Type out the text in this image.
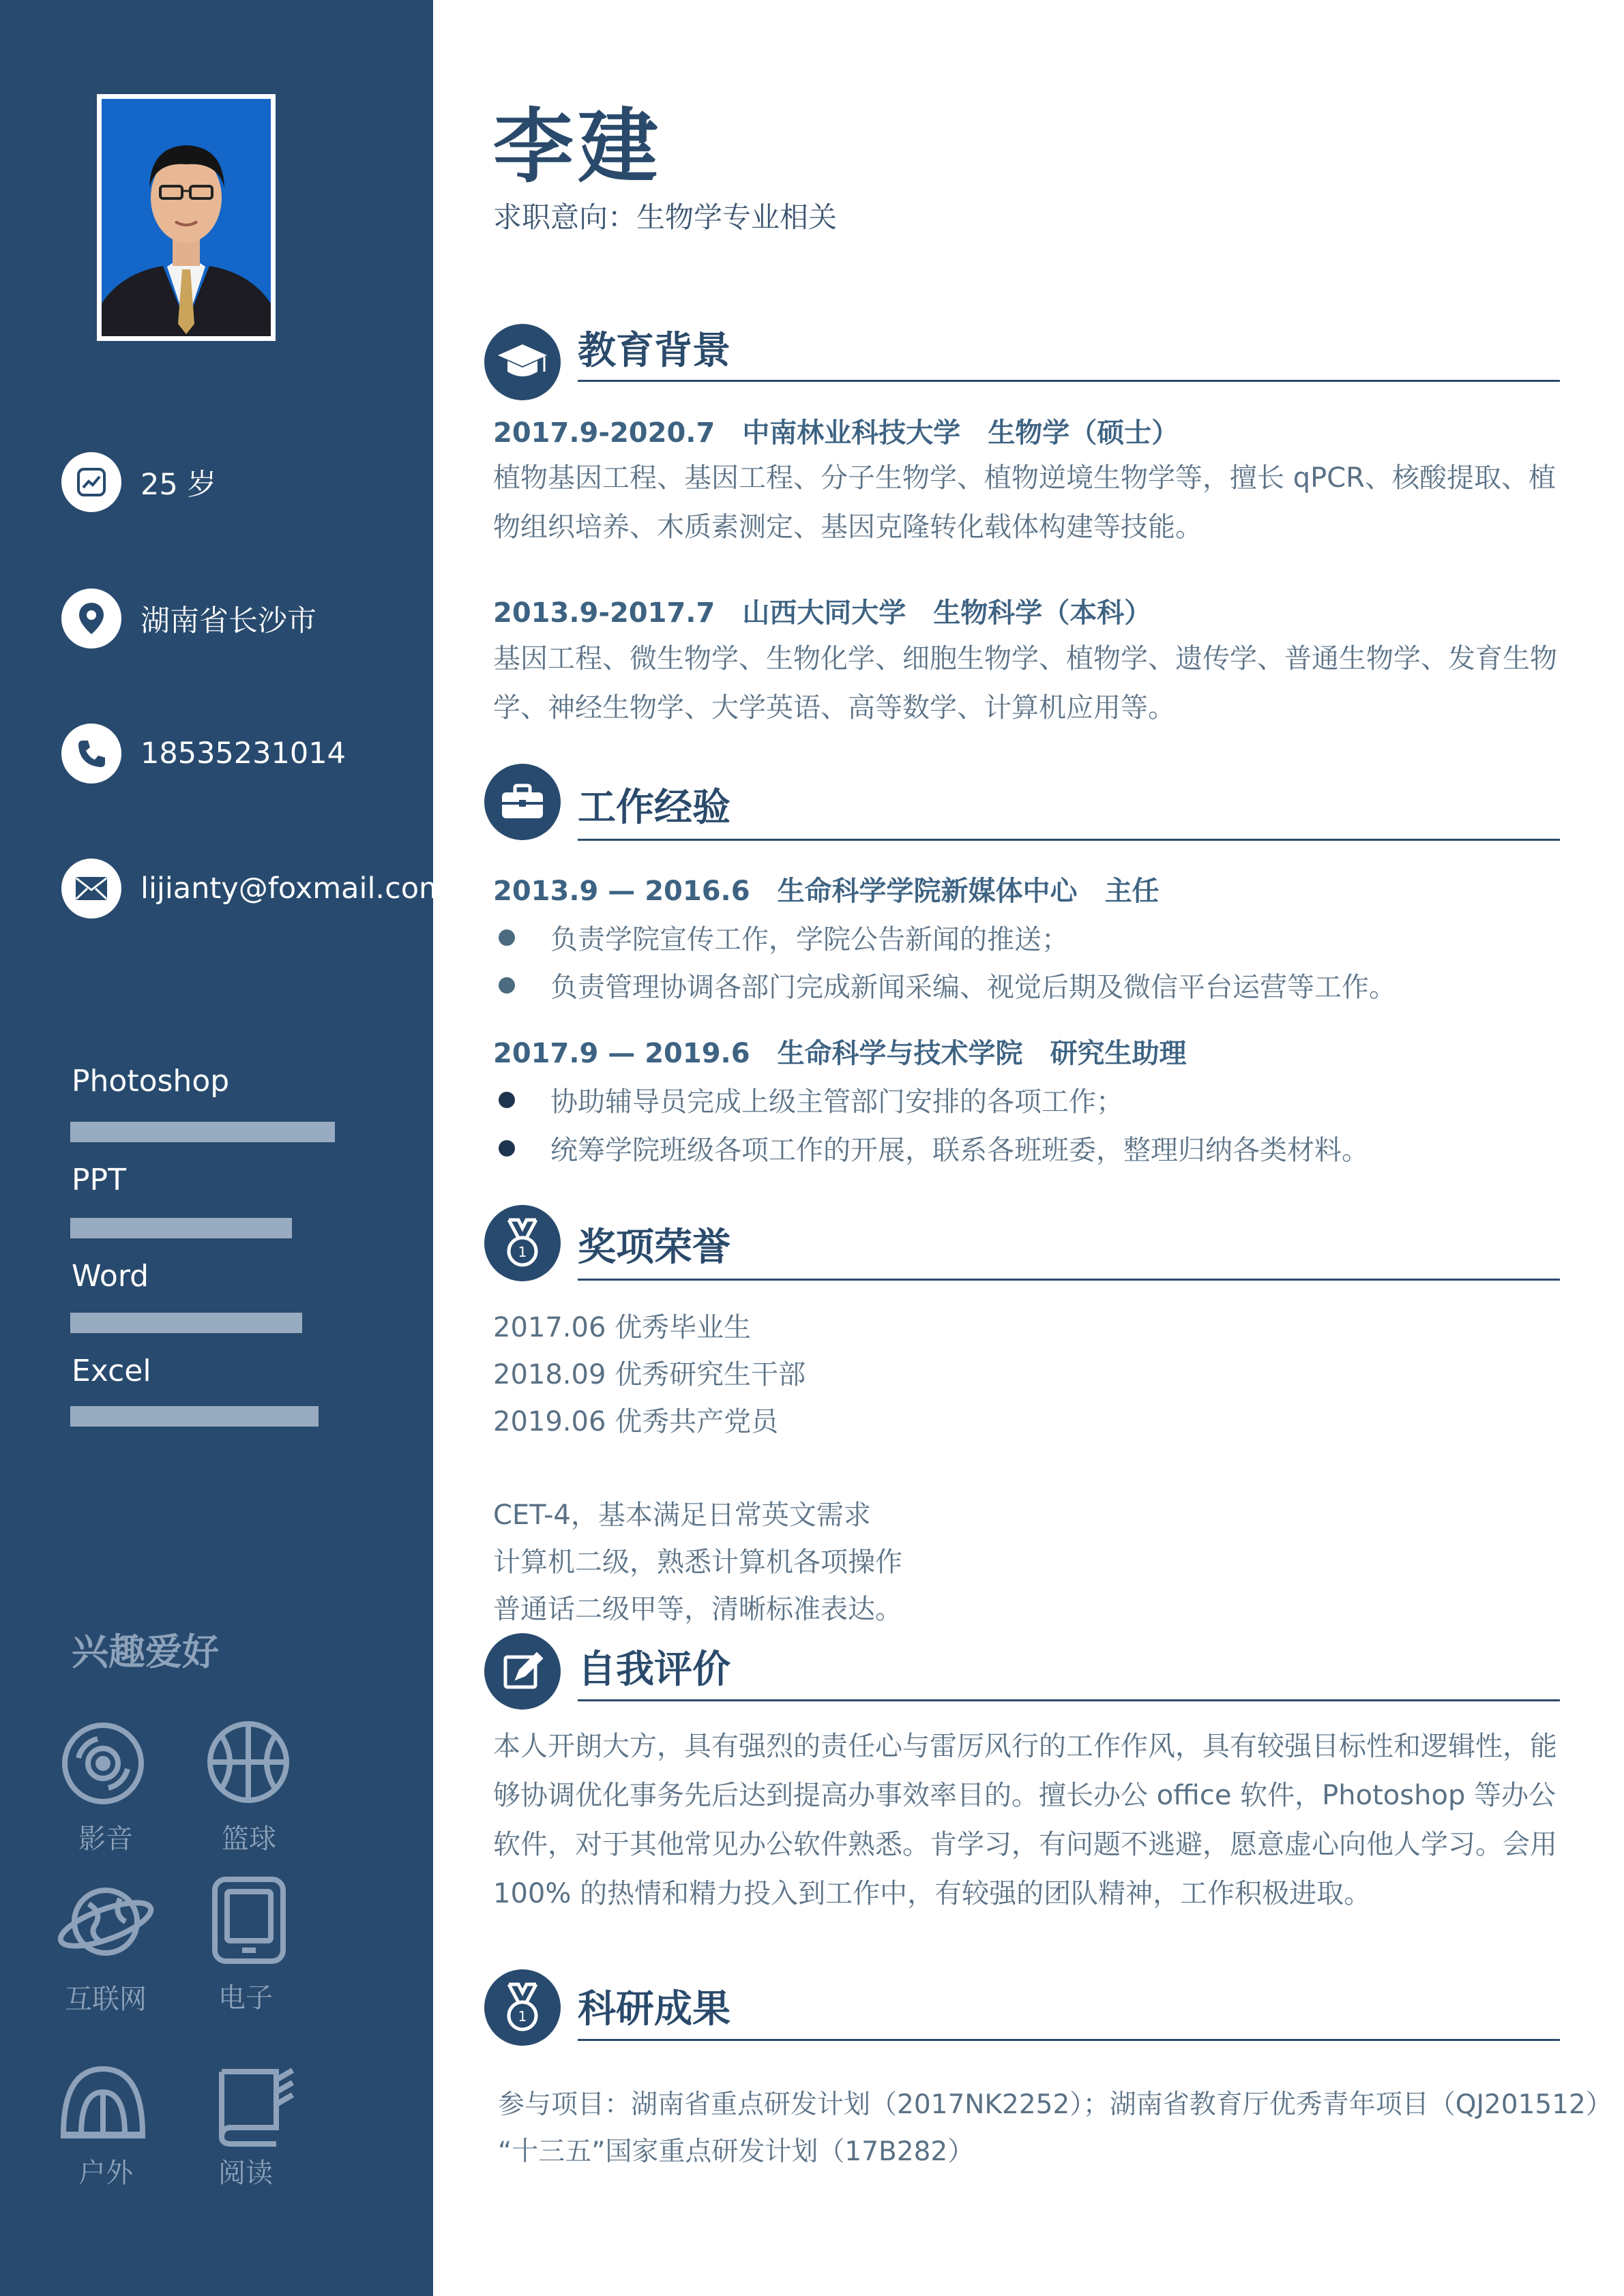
25 岁
湖南省长沙市
18535231014
lijianty@foxmail.com
Photoshop
PPT
Word
Excel
兴趣爱好
影音	篮球
互联网	电子
户外	阅读
李建
求职意向：生物学专业相关
教育背景
2017.9-2020.7 中南林业科技大学 生物学（硕士）
植物基因工程、基因工程、分子生物学、植物逆境生物学等，擅长 qPCR、核酸提取、植物组织培养、木质素测定、基因克隆转化载体构建等技能。
2013.9-2017.7 山西大同大学 生物科学（本科）
基因工程、微生物学、生物化学、细胞生物学、植物学、遗传学、普通生物学、发育生物学、神经生物学、大学英语、高等数学、计算机应用等。
工作经验
2013.9 — 2016.6 生命科学学院新媒体中心 主任
负责学院宣传工作，学院公告新闻的推送；
负责管理协调各部门完成新闻采编、视觉后期及微信平台运营等工作。
2017.9 — 2019.6 生命科学与技术学院 研究生助理
协助辅导员完成上级主管部门安排的各项工作；
统筹学院班级各项工作的开展，联系各班班委，整理归纳各类材料。
1 奖项荣誉
2017.06 优秀毕业生
2018.09 优秀研究生干部
2019.06 优秀共产党员
CET-4，基本满足日常英文需求
计算机二级，熟悉计算机各项操作
普通话二级甲等，清晰标准表达。
自我评价
本人开朗大方，具有强烈的责任心与雷厉风行的工作作风，具有较强目标性和逻辑性，能够协调优化事务先后达到提高办事效率目的。擅长办公 office 软件，Photoshop 等办公软件，对于其他常见办公软件熟悉。肯学习，有问题不逃避，愿意虚心向他人学习。会用 100% 的热情和精力投入到工作中，有较强的团队精神，工作积极进取。
1 科研成果
参与项目：湖南省重点研发计划（2017NK2252）；湖南省教育厅优秀青年项目（QJ201512）
“十三五”国家重点研发计划（17B282）
